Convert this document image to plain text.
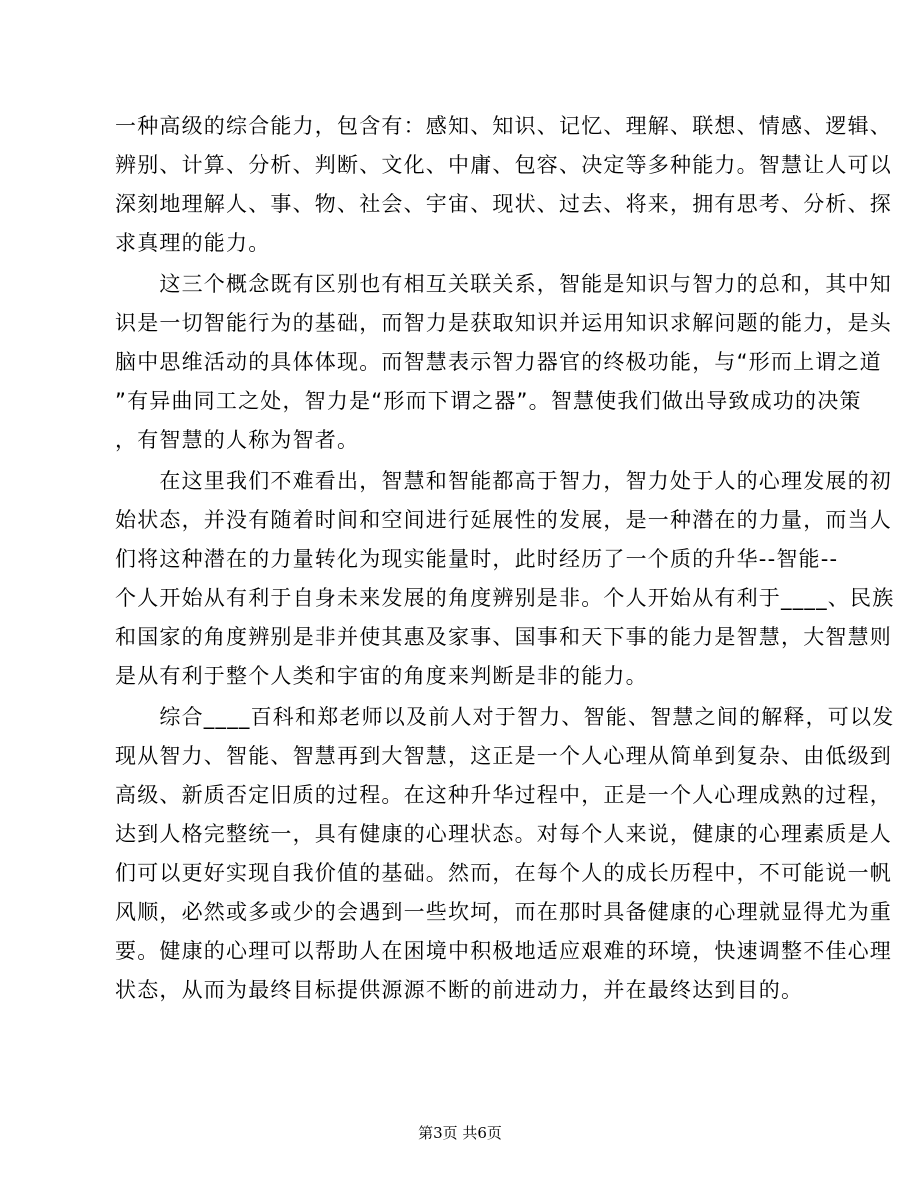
一种高级的综合能力，包含有：感知、知识、记忆、理解、联想、情感、逻辑、
辨别、计算、分析、判断、文化、中庸、包容、决定等多种能力。智慧让人可以
深刻地理解人、事、物、社会、宇宙、现状、过去、将来，拥有思考、分析、探
求真理的能力。
　　这三个概念既有区别也有相互关联关系，智能是知识与智力的总和，其中知
识是一切智能行为的基础，而智力是获取知识并运用知识求解问题的能力，是头
脑中思维活动的具体体现。而智慧表示智力器官的终极功能，与“形而上谓之道
”有异曲同工之处，智力是“形而下谓之器”。智慧使我们做出导致成功的决策
，有智慧的人称为智者。
　　在这里我们不难看出，智慧和智能都高于智力，智力处于人的心理发展的初
始状态，并没有随着时间和空间进行延展性的发展，是一种潜在的力量，而当人
们将这种潜在的力量转化为现实能量时，此时经历了一个质的升华--智能--
个人开始从有利于自身未来发展的角度辨别是非。个人开始从有利于____、民族
和国家的角度辨别是非并使其惠及家事、国事和天下事的能力是智慧，大智慧则
是从有利于整个人类和宇宙的角度来判断是非的能力。
　　综合____百科和郑老师以及前人对于智力、智能、智慧之间的解释，可以发
现从智力、智能、智慧再到大智慧，这正是一个人心理从简单到复杂、由低级到
高级、新质否定旧质的过程。在这种升华过程中，正是一个人心理成熟的过程，
达到人格完整统一，具有健康的心理状态。对每个人来说，健康的心理素质是人
们可以更好实现自我价值的基础。然而，在每个人的成长历程中，不可能说一帆
风顺，必然或多或少的会遇到一些坎坷，而在那时具备健康的心理就显得尤为重
要。健康的心理可以帮助人在困境中积极地适应艰难的环境，快速调整不佳心理
状态，从而为最终目标提供源源不断的前进动力，并在最终达到目的。
第3页 共6页
